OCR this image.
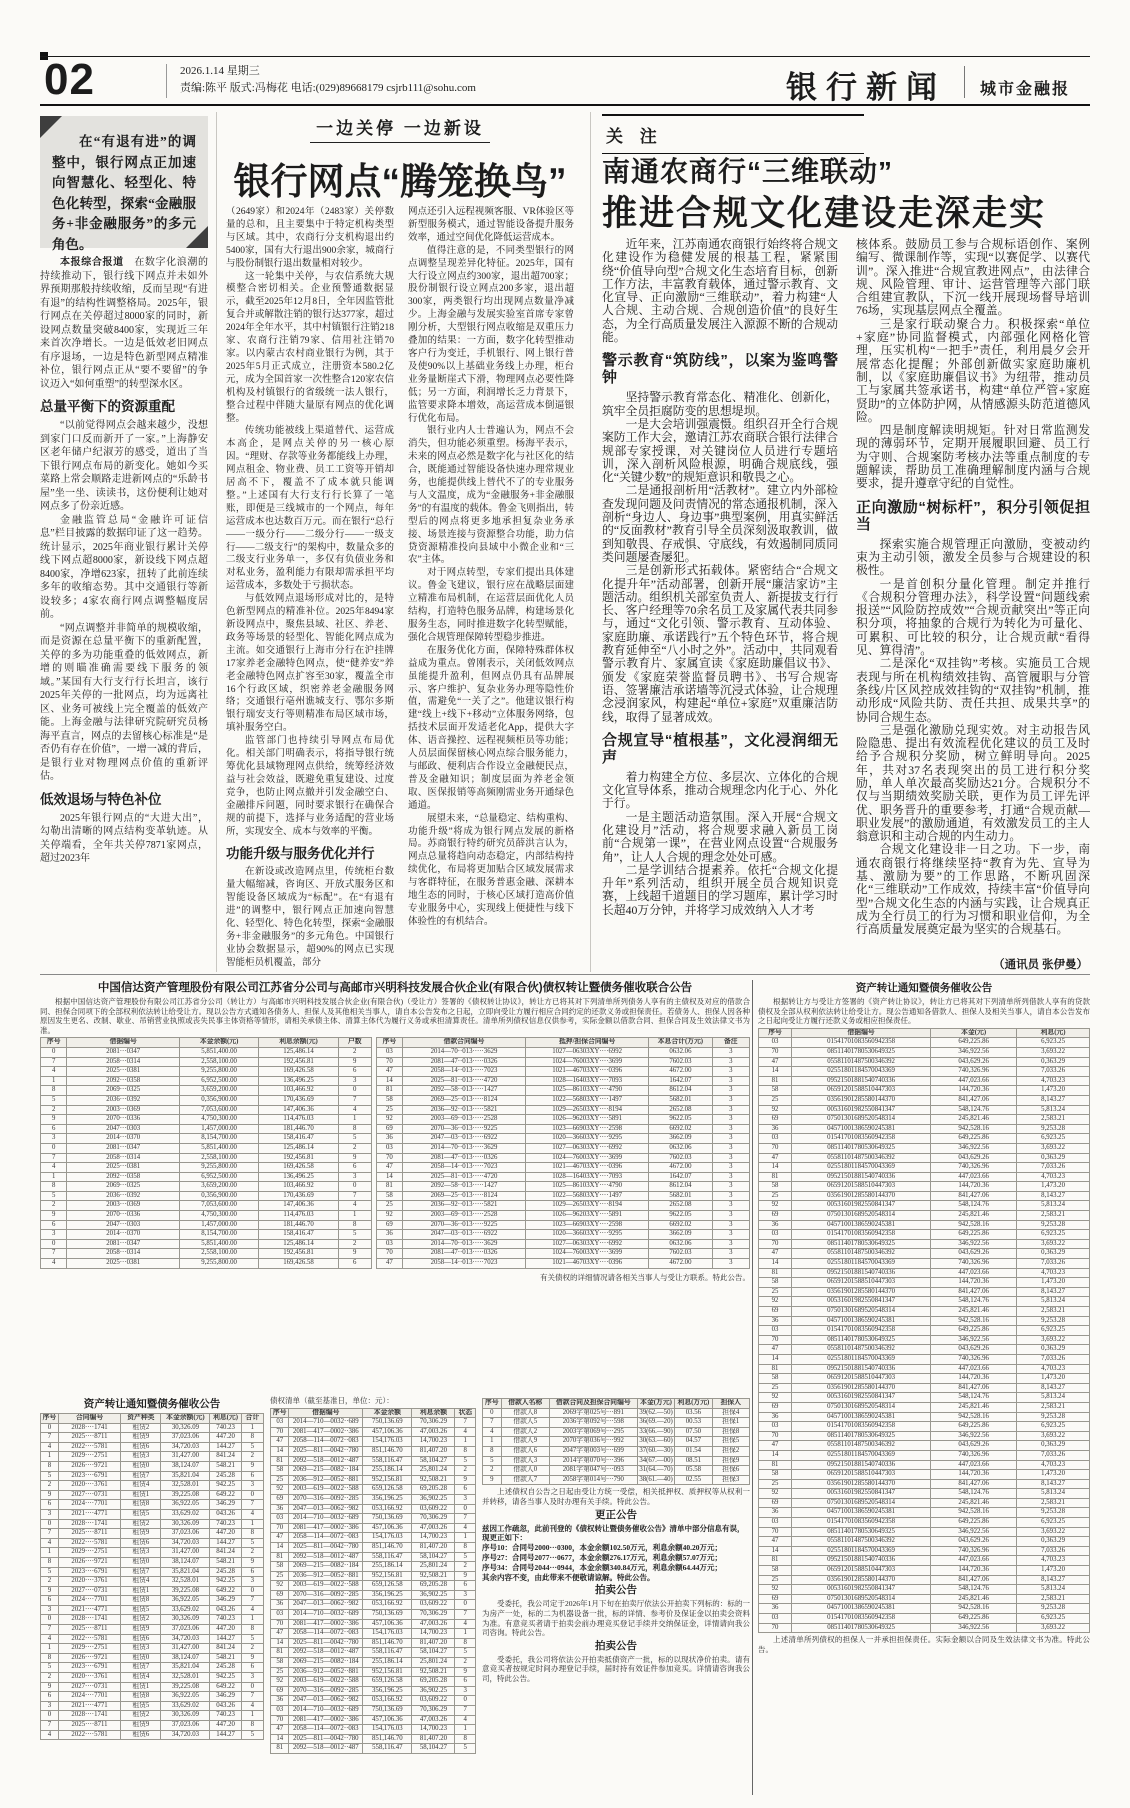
02	2026.1.14 星期三
责编:陈平 版式:冯梅花 电话:(029)89668179 csjrb111@sohu.com	银行新闻 城市金融报
在“有退有进”的调整中，银行网点正加速向智慧化、轻型化、特色化转型，探索“金融服务+非金融服务”的多元角色。
本报综合报道　在数字化浪潮的持续推动下，银行线下网点并未如外界预期那般持续收缩，反而呈现“有进有退”的结构性调整格局。2025年，银行网点在关停超过8000家的同时，新设网点数量突破8400家，实现近三年来首次净增长。一边是低效老旧网点有序退场，一边是特色新型网点精准补位，银行网点正从“要不要留”的争议迈入“如何重塑”的转型深水区。
总量平衡下的资源重配
“以前觉得网点会越来越少，没想到家门口反而新开了一家。”上海静安区老年储户纪淑芳的感受，道出了当下银行网点布局的新变化。她如今买菜路上常会顺路走进新网点的“乐龄书屋”坐一坐、读读书，这份便利让她对网点多了份亲近感。
金融监管总局“金融许可证信息”栏目披露的数据印证了这一趋势。统计显示，2025年商业银行累计关停线下网点超8000家，新设线下网点超8400家，净增623家，扭转了此前连续多年的收缩态势。其中交通银行等新设较多；4家农商行网点调整幅度居前。
“网点调整并非简单的规模收缩，而是资源在总量平衡下的重新配置，关停的多为功能重叠的低效网点，新增的则瞄准确需要线下服务的领域。”某国有大行支行行长坦言，该行2025年关停的一批网点，均为远离社区、业务可被线上完全覆盖的低效产能。上海金融与法律研究院研究员杨海平直言，网点的去留核心标准是“是否仍有存在价值”，一增一减的背后，是银行业对物理网点价值的重新评估。
低效退场与特色补位
2025年银行网点的“大进大出”，勾勒出清晰的网点结构变革轨迹。从关停端看，全年共关停7871家网点，超过2023年
一边关停 一边新设
银行网点“腾笼换鸟”
（2649家）和2024年（2483家）关停数量的总和，且主要集中于特定机构类型与区域。其中，农商行分支机构退出约5400家，国有大行退出900余家，城商行与股份制银行退出数量相对较少。
这一轮集中关停，与农信系统大规模整合密切相关。企业预警通数据显示，截至2025年12月8日，全年因监管批复合并或解散注销的银行达377家，超过2024年全年水平，其中村镇银行注销218家、农商行注销79家、信用社注销70家。以内蒙古农村商业银行为例，其于2025年5月正式成立，注册资本580.2亿元，成为全国首家一次性整合120家农信机构及村镇银行的省级统一法人银行，整合过程中伴随大量原有网点的优化调整。
传统功能被线上渠道替代、运营成本高企，是网点关停的另一核心原因。“理财、存款等业务都能线上办理，网点租金、物业费、员工工资等开销却居高不下，覆盖不了成本就只能调整。”上述国有大行支行行长算了一笔账，即便是三线城市的一个网点，每年运营成本也达数百万元。而在银行“总行——一级分行——二级分行——一级支行——二级支行”的架构中，数量众多的二级支行业务单一，多仅有负债业务和对私业务，盈利能力有限却需承担平均运营成本，多数处于亏损状态。
与低效网点退场形成对比的，是特色新型网点的精准补位。2025年8494家新设网点中，聚焦县域、社区、养老、政务等场景的轻型化、智能化网点成为主流。如交通银行上海市分行在沪挂牌17家养老金融特色网点，使“健养安”养老金融特色网点扩容至30家，覆盖全市16个行政区域，织密养老金融服务网络；交通银行亳州谯城支行、鄂尔多斯银行瑞安支行等则精准布局区域市场，填补服务空白。
监管部门也持续引导网点布局优化。相关部门明确表示，将指导银行统筹优化县域物理网点供给，统筹经济效益与社会效益，既避免重复建设、过度竞争，也防止网点撤并引发金融空白、金融排斥问题，同时要求银行在确保合规的前提下，选择与业务适配的营业场所，实现安全、成本与效率的平衡。
功能升级与服务优化并行
在新设或改造网点里，传统柜台数量大幅缩减，咨询区、开放式服务区和智能设备区域成为“标配”。在“有退有进”的调整中，银行网点正加速向智慧化、轻型化、特色化转型，探索“金融服务+非金融服务”的多元角色。中国银行业协会数据显示，超90%的网点已实现智能柜员机覆盖，部分
网点还引入远程视频客服、VR体验区等新型服务模式，通过智能设备提升服务效率，通过空间优化降低运营成本。
值得注意的是，不同类型银行的网点调整呈现差异化特征。2025年，国有大行设立网点约300家，退出超700家；股份制银行设立网点200多家，退出超300家，两类银行均出现网点数量净减少。上海金融与发展实验室首席专家曾刚分析，大型银行网点收缩是双重压力叠加的结果：一方面，数字化转型推动客户行为变迁，手机银行、网上银行普及使90%以上基础业务线上办理，柜台业务量断崖式下滑，物理网点必要性降低；另一方面，利润增长乏力背景下，监管要求降本增效，高运营成本倒逼银行优化布局。
银行业内人士普遍认为，网点不会消失，但功能必须重塑。杨海平表示，未来的网点必然是数字化与社区化的结合，既能通过智能设备快速办理常规业务，也能提供线上替代不了的专业服务与人文温度，成为“金融服务+非金融服务”的有温度的载体。鲁金飞则指出，转型后的网点将更多地承担复杂业务承接、场景连接与资源整合功能，助力信贷资源精准投向县域中小微企业和“三农”主体。
对于网点转型，专家们提出具体建议。鲁金飞建议，银行应在战略层面建立精准布局机制，在运营层面优化人员结构，打造特色服务品牌，构建场景化服务生态，同时推进数字化转型赋能，强化合规管理保障转型稳步推进。
在服务优化方面，保障特殊群体权益成为重点。曾刚表示，关闭低效网点虽能提升盈利，但网点仍具有品牌展示、客户维护、复杂业务办理等隐性价值，需避免“一关了之”。他建议银行构建“线上+线下+移动”立体服务网络，包括技术层面开发适老化App，提供大字体、语音操控、远程视频柜员等功能；人员层面保留核心网点综合服务能力，与邮政、便利店合作设立金融便民点，普及金融知识；制度层面为养老金领取、医保报销等高频刚需业务开通绿色通道。
展望未来，“总量稳定、结构重构、功能升级”将成为银行网点发展的新格局。苏商银行特约研究员薛洪言认为，网点总量将趋向动态稳定，内部结构持续优化，布局将更加贴合区域发展需求与客群特征，在服务普惠金融、深耕本地生态的同时，于核心区域打造高价值专业服务中心，实现线上便捷性与线下体验性的有机结合。
关 注
南通农商行“三维联动”
推进合规文化建设走深走实
近年来，江苏南通农商银行始终将合规文化建设作为稳健发展的根基工程，紧紧围绕“价值导向型”合规文化生态培育目标，创新工作方法，丰富教育载体，通过警示教育、文化宣导、正向激励“三维联动”，着力构建“人人合规、主动合规、合规创造价值”的良好生态，为全行高质量发展注入源源不断的合规动能。
警示教育“筑防线”，以案为鉴鸣警钟
坚持警示教育常态化、精准化、创新化，筑牢全员拒腐防变的思想堤坝。
一是大会培训强震慑。组织召开全行合规案防工作大会，邀请江苏农商联合银行法律合规部专家授课，对关键岗位人员进行专题培训，深入剖析风险根源，明确合规底线，强化“关键少数”的规矩意识和敬畏之心。
二是通报剖析用“活教材”。建立内外部检查发现问题及问责情况的常态通报机制，深入剖析“身边人、身边事”典型案例，用真实鲜活的“反面教材”教育引导全员深刻汲取教训，做到知敬畏、存戒惧、守底线，有效遏制同质同类问题屡查屡犯。
三是创新形式拓载体。紧密结合“合规文化提升年”活动部署，创新开展“廉洁家访”主题活动。组织机关部室负责人、新提拔支行行长、客户经理等70余名员工及家属代表共同参与，通过“文化引领、警示教育、互动体验、家庭助廉、承诺践行”五个特色环节，将合规教育延伸至“八小时之外”。活动中，共同观看警示教育片、家属宣读《家庭助廉倡议书》、颁发《家庭荣誉监督员聘书》、书写合规寄语、签署廉洁承诺墙等沉浸式体验，让合规理念浸润家风，构建起“单位+家庭”双重廉洁防线，取得了显著成效。
合规宣导“植根基”，文化浸润细无声
着力构建全方位、多层次、立体化的合规文化宣导体系，推动合规理念内化于心、外化于行。
一是主题活动造氛围。深入开展“合规文化建设月”活动，将合规要求融入新员工岗前“合规第一课”，在营业网点设置“合规服务角”，让人人合规的理念处处可感。
二是学训结合提素养。依托“合规文化提升年”系列活动，组织开展全员合规知识竞赛，上线超千道题目的学习题库，累计学习时长超40万分钟，并将学习成效纳入人才考
核体系。鼓励员工参与合规标语创作、案例编写、微课制作等，实现“以赛促学、以赛代训”。深入推进“合规宣教进网点”，由法律合规、风险管理、审计、运营管理等六部门联合组建宣教队，下沉一线开展现场督导培训76场，实现基层网点全覆盖。
三是家行联动聚合力。积极探索“单位+家庭”协同监督模式，内部强化网格化管理，压实机构“一把手”责任，利用晨夕会开展常态化提醒；外部创新做实家庭助廉机制，以《家庭助廉倡议书》为纽带，推动员工与家属共签承诺书，构建“单位严管+家庭贤助”的立体防护网，从情感源头防范道德风险。
四是制度解读明规矩。针对日常监测发现的薄弱环节，定期开展履职回避、员工行为守则、合规案防考核办法等重点制度的专题解读，帮助员工准确理解制度内涵与合规要求，提升遵章守纪的自觉性。
正向激励“树标杆”，积分引领促担当
探索实施合规管理正向激励，变被动约束为主动引领，激发全员参与合规建设的积极性。
一是首创积分量化管理。制定并推行《合规积分管理办法》，科学设置“问题线索报送”“风险防控成效”“合规贡献突出”等正向积分项，将抽象的合规行为转化为可量化、可累积、可比较的积分，让合规贡献“看得见、算得清”。
二是深化“双挂钩”考核。实施员工合规表现与所在机构绩效挂钩、高管履职与分管条线/片区风控成效挂钩的“双挂钩”机制，推动形成“风险共防、责任共担、成果共享”的协同合规生态。
三是强化激励兑现实效。对主动报告风险隐患、提出有效流程优化建议的员工及时给予合规积分奖励，树立鲜明导向。2025年，共对37名表现突出的员工进行积分奖励，单人单次最高奖励达21分。合规积分不仅与当期绩效奖励关联，更作为员工评先评优、职务晋升的重要参考，打通“合规贡献—职业发展”的激励通道，有效激发员工的主人翁意识和主动合规的内生动力。
合规文化建设非一日之功。下一步，南通农商银行将继续坚持“教育为先、宣导为基、激励为要”的工作思路，不断巩固深化“三维联动”工作成效，持续丰富“价值导向型”合规文化生态的内涵与实践，让合规真正成为全行员工的行为习惯和职业信仰，为全行高质量发展奠定最为坚实的合规基石。
（通讯员 张伊曼）
中国信达资产管理股份有限公司江苏省分公司与高邮市兴明科技发展合伙企业(有限合伙)债权转让暨债务催收联合公告

根据中国信达资产管理股份有限公司江苏省分公司（转让方）与高邮市兴明科技发展合伙企业(有限合伙)（受让方）签署的《债权转让协议》，转让方已将其对下列清单所列债务人享有的主债权及对应的借款合同、担保合同项下的全部权利依法转让给受让方。现以公告方式通知各债务人、担保人及其他相关当事人，请自本公告发布之日起，立即向受让方履行相应合同约定的还款义务或担保责任。若债务人、担保人因各种原因发生更名、改制、歇业、吊销营业执照或丧失民事主体资格等情形，请相关承债主体、清算主体代为履行义务或承担清算责任。清单所列债权信息仅供参考，实际金额以借款合同、担保合同及生效法律文书为准。

序号	借据编号	本金余额(元)	利息余额(元)	户数
0	2081···0347	5,851,400.00	125,486.14	2
7	2058···0314	2,558,100.00	192,456.81	9
4	2025···0381	9,255,800.00	169,426.58	6
1	2092···0358	6,952,500.00	136,496.25	3
8	2069···0325	3,659,200.00	103,466.92	0
5	2036···0392	0,356,900.00	170,436.69	7
2	2003···0369	7,053,600.00	147,406.36	4
9	2070···0336	4,750,300.00	114,476.03	1
6	2047···0303	1,457,000.00	181,446.70	8
3	2014···0370	8,154,700.00	158,416.47	5
0	2081···0347	5,851,400.00	125,486.14	2
7	2058···0314	2,558,100.00	192,456.81	9
4	2025···0381	9,255,800.00	169,426.58	6
1	2092···0358	6,952,500.00	136,496.25	3
8	2069···0325	3,659,200.00	103,466.92	0
5	2036···0392	0,356,900.00	170,436.69	7
2	2003···0369	7,053,600.00	147,406.36	4
9	2070···0336	4,750,300.00	114,476.03	1
6	2047···0303	1,457,000.00	181,446.70	8
3	2014···0370	8,154,700.00	158,416.47	5
0	2081···0347	5,851,400.00	125,486.14	2
7	2058···0314	2,558,100.00	192,456.81	9
4	2025···0381	9,255,800.00	169,426.58	6
序号	借款合同编号	抵押/担保合同编号	本息合计(万元)	备注
03	2014—70··013·····3629	1027—06303XY····6992	0632.06	3
70	2081—47··013·····0326	1024—76003XY····3699	7602.03	3
47	2058—14··013·····7023	1021—46703XY····0396	4672.00	3
14	2025—81··013·····4720	1028—16403XY····7093	1642.07	3
81	2092—58··013·····1427	1025—86103XY····4790	8612.04	3
58	2069—25··013·····8124	1022—56803XY····1497	5682.01	3
25	2036—92··013·····5821	1029—26503XY····8194	2652.08	3
92	2003—69··013·····2528	1026—96203XY····5891	9622.05	3
69	2070—36··013·····9225	1023—66903XY····2598	6692.02	3
36	2047—03··013·····6922	1020—36603XY····9295	3662.09	3
03	2014—70··013·····3629	1027—06303XY····6992	0632.06	3
70	2081—47··013·····0326	1024—76003XY····3699	7602.03	3
47	2058—14··013·····7023	1021—46703XY····0396	4672.00	3
14	2025—81··013·····4720	1028—16403XY····7093	1642.07	3
81	2092—58··013·····1427	1025—86103XY····4790	8612.04	3
58	2069—25··013·····8124	1022—56803XY····1497	5682.01	3
25	2036—92··013·····5821	1029—26503XY····8194	2652.08	3
92	2003—69··013·····2528	1026—96203XY····5891	9622.05	3
69	2070—36··013·····9225	1023—66903XY····2598	6692.02	3
36	2047—03··013·····6922	1020—36603XY····9295	3662.09	3
03	2014—70··013·····3629	1027—06303XY····6992	0632.06	3
70	2081—47··013·····0326	1024—76003XY····3699	7602.03	3
47	2058—14··013·····7023	1021—46703XY····0396	4672.00	3
有关债权的详细情况请各相关当事人与受让方联系。特此公告。
资产转让通知暨债务催收公告

根据转让方与受让方签署的《资产转让协议》，转让方已将其对下列清单所列借款人享有的贷款债权及全部从权利依法转让给受让方。现公告通知各借款人、担保人及相关当事人，请自本公告发布之日起向受让方履行还款义务或相应担保责任。

序号	借据编号	本金(元)	利息(元)
03	01541701083560942358	649,225.86	6,923.25
70	08511401780530649325	346,922.56	3,693.22
47	05581101487500346392	043,629.26	0,363.29
14	02551801184570043369	740,326.96	7,033.26
81	09521501881540740336	447,023.66	4,703.23
58	06591201588510447303	144,720.36	1,473.20
25	03561901285580144370	841,427.06	8,143.27
92	00531601982550841347	548,124.76	5,813.24
69	07501301689520548314	245,821.46	2,583.21
36	04571001386590245381	942,528.16	9,253.28
03	01541701083560942358	649,225.86	6,923.25
70	08511401780530649325	346,922.56	3,693.22
47	05581101487500346392	043,629.26	0,363.29
14	02551801184570043369	740,326.96	7,033.26
81	09521501881540740336	447,023.66	4,703.23
58	06591201588510447303	144,720.36	1,473.20
25	03561901285580144370	841,427.06	8,143.27
92	00531601982550841347	548,124.76	5,813.24
69	07501301689520548314	245,821.46	2,583.21
36	04571001386590245381	942,528.16	9,253.28
03	01541701083560942358	649,225.86	6,923.25
70	08511401780530649325	346,922.56	3,693.22
47	05581101487500346392	043,629.26	0,363.29
14	02551801184570043369	740,326.96	7,033.26
81	09521501881540740336	447,023.66	4,703.23
58	06591201588510447303	144,720.36	1,473.20
25	03561901285580144370	841,427.06	8,143.27
92	00531601982550841347	548,124.76	5,813.24
69	07501301689520548314	245,821.46	2,583.21
36	04571001386590245381	942,528.16	9,253.28
03	01541701083560942358	649,225.86	6,923.25
70	08511401780530649325	346,922.56	3,693.22
47	05581101487500346392	043,629.26	0,363.29
14	02551801184570043369	740,326.96	7,033.26
81	09521501881540740336	447,023.66	4,703.23
58	06591201588510447303	144,720.36	1,473.20
25	03561901285580144370	841,427.06	8,143.27
92	00531601982550841347	548,124.76	5,813.24
69	07501301689520548314	245,821.46	2,583.21
36	04571001386590245381	942,528.16	9,253.28
03	01541701083560942358	649,225.86	6,923.25
70	08511401780530649325	346,922.56	3,693.22
47	05581101487500346392	043,629.26	0,363.29
14	02551801184570043369	740,326.96	7,033.26
81	09521501881540740336	447,023.66	4,703.23
58	06591201588510447303	144,720.36	1,473.20
25	03561901285580144370	841,427.06	8,143.27
92	00531601982550841347	548,124.76	5,813.24
69	07501301689520548314	245,821.46	2,583.21
36	04571001386590245381	942,528.16	9,253.28
03	01541701083560942358	649,225.86	6,923.25
70	08511401780530649325	346,922.56	3,693.22
47	05581101487500346392	043,629.26	0,363.29
14	02551801184570043369	740,326.96	7,033.26
81	09521501881540740336	447,023.66	4,703.23
58	06591201588510447303	144,720.36	1,473.20
25	03561901285580144370	841,427.06	8,143.27
92	00531601982550841347	548,124.76	5,813.24
69	07501301689520548314	245,821.46	2,583.21
36	04571001386590245381	942,528.16	9,253.28
03	01541701083560942358	649,225.86	6,923.25
70	08511401780530649325	346,922.56	3,693.22

上述清单所列债权的担保人一并承担担保责任。实际金额以合同及生效法律文书为准。特此公告。

资产转让通知暨债务催收公告
序号	合同编号	资产种类	本金余额(元)	利息(元)	合计
0	2028····1741	租赁2	30,326.09	740.23	1
7	2025····8711	租赁9	37,023.06	447.20	8
4	2022····5781	租赁6	34,720.03	144.27	5
1	2029····2751	租赁3	31,427.00	841.24	2
8	2026····9721	租赁0	38,124.07	548.21	9
5	2023····6791	租赁7	35,821.04	245.28	6
2	2020····3761	租赁4	32,528.01	942.25	3
9	2027····0731	租赁1	39,225.08	649.22	0
6	2024····7701	租赁8	36,922.05	346.29	7
3	2021····4771	租赁5	33,629.02	043.26	4
0	2028····1741	租赁2	30,326.09	740.23	1
7	2025····8711	租赁9	37,023.06	447.20	8
4	2022····5781	租赁6	34,720.03	144.27	5
1	2029····2751	租赁3	31,427.00	841.24	2
8	2026····9721	租赁0	38,124.07	548.21	9
5	2023····6791	租赁7	35,821.04	245.28	6
2	2020····3761	租赁4	32,528.01	942.25	3
9	2027····0731	租赁1	39,225.08	649.22	0
6	2024····7701	租赁8	36,922.05	346.29	7
3	2021····4771	租赁5	33,629.02	043.26	4
0	2028····1741	租赁2	30,326.09	740.23	1
7	2025····8711	租赁9	37,023.06	447.20	8
4	2022····5781	租赁6	34,720.03	144.27	5
1	2029····2751	租赁3	31,427.00	841.24	2
8	2026····9721	租赁0	38,124.07	548.21	9
5	2023····6791	租赁7	35,821.04	245.28	6
2	2020····3761	租赁4	32,528.01	942.25	3
9	2027····0731	租赁1	39,225.08	649.22	0
6	2024····7701	租赁8	36,922.05	346.29	7
3	2021····4771	租赁5	33,629.02	043.26	4
0	2028····1741	租赁2	30,326.09	740.23	1
7	2025····8711	租赁9	37,023.06	447.20	8
4	2022····5781	租赁6	34,720.03	144.27	5

债权清单（截至基准日，单位：元）：

序号	借据编号	本金余额	利息余额	状态
03	2014—710—0032··689	750,136.69	70,306.29	7
70	2081—417—0002··386	457,106.36	47,003.26	4
47	2058—114—0072··083	154,176.03	14,700.23	1
14	2025—811—0042··780	851,146.70	81,407.20	8
81	2092—518—0012··487	558,116.47	58,104.27	5
58	2069—215—0082··184	255,186.14	25,801.24	2
25	2036—912—0052··881	952,156.81	92,508.21	9
92	2003—619—0022··588	659,126.58	69,205.28	6
69	2070—316—0092··285	356,196.25	36,902.25	3
36	2047—013—0062··982	053,166.92	03,609.22	0
03	2014—710—0032··689	750,136.69	70,306.29	7
70	2081—417—0002··386	457,106.36	47,003.26	4
47	2058—114—0072··083	154,176.03	14,700.23	1
14	2025—811—0042··780	851,146.70	81,407.20	8
81	2092—518—0012··487	558,116.47	58,104.27	5
58	2069—215—0082··184	255,186.14	25,801.24	2
25	2036—912—0052··881	952,156.81	92,508.21	9
92	2003—619—0022··588	659,126.58	69,205.28	6
69	2070—316—0092··285	356,196.25	36,902.25	3
36	2047—013—0062··982	053,166.92	03,609.22	0
03	2014—710—0032··689	750,136.69	70,306.29	7
70	2081—417—0002··386	457,106.36	47,003.26	4
47	2058—114—0072··083	154,176.03	14,700.23	1
14	2025—811—0042··780	851,146.70	81,407.20	8
81	2092—518—0012··487	558,116.47	58,104.27	5
58	2069—215—0082··184	255,186.14	25,801.24	2
25	2036—912—0052··881	952,156.81	92,508.21	9
92	2003—619—0022··588	659,126.58	69,205.28	6
69	2070—316—0092··285	356,196.25	36,902.25	3
36	2047—013—0062··982	053,166.92	03,609.22	0
03	2014—710—0032··689	750,136.69	70,306.29	7
70	2081—417—0002··386	457,106.36	47,003.26	4
47	2058—114—0072··083	154,176.03	14,700.23	1
14	2025—811—0042··780	851,146.70	81,407.20	8
81	2092—518—0012··487	558,116.47	58,104.27	5
序号	借款人名称	借款合同及担保合同编号	本金(万元)	利息(万元)	担保人
0	借款人8	2069字第025号···891	39(62.—50)	03.56	担保4
7	借款人5	2036字第092号···598	36(69.—20)	00.53	担保1
4	借款人2	2003字第069号···295	33(66.—90)	07.50	担保8
1	借款人9	2070字第036号···992	30(63.—60)	04.57	担保5
8	借款人6	2047字第003号···699	37(60.—30)	01.54	担保2
5	借款人3	2014字第070号···396	34(67.—00)	08.51	担保9
2	借款人0	2081字第047号···093	31(64.—70)	05.58	担保6
9	借款人7	2058字第014号···790	38(61.—40)	02.55	担保3

上述债权自公告之日起由受让方统一受偿，相关抵押权、质押权等从权利一并转移，请各当事人及时办理有关手续。特此公告。

更正公告
兹因工作疏忽，此前刊登的《债权转让暨债务催收公告》清单中部分信息有误，现更正如下：
序号10：合同号2000···0300，本金余额102.50万元，利息余额40.20万元；
序号27：合同号2077···0677，本金余额276.17万元，利息余额57.07万元；
序号34：合同号2044···0944，本金余额340.84万元，利息余额64.44万元；
其余内容不变，由此带来不便敬请谅解。特此公告。
拍卖公告

受委托，我公司定于2026年1月下旬在拍卖厅依法公开拍卖下列标的：标的一为房产一处，标的二为机器设备一批，标的详情、参考价及保证金以拍卖会资料为准。有意竞买者请于拍卖会前办理竞买登记手续并交纳保证金，详情请向我公司咨询。特此公告。

拍卖公告

受委托，我公司将依法公开拍卖抵债资产一批，标的以现状净价拍卖。请有意竞买者按规定时间办理登记手续，届时持有效证件参加竞买。详情请咨询我公司，特此公告。
